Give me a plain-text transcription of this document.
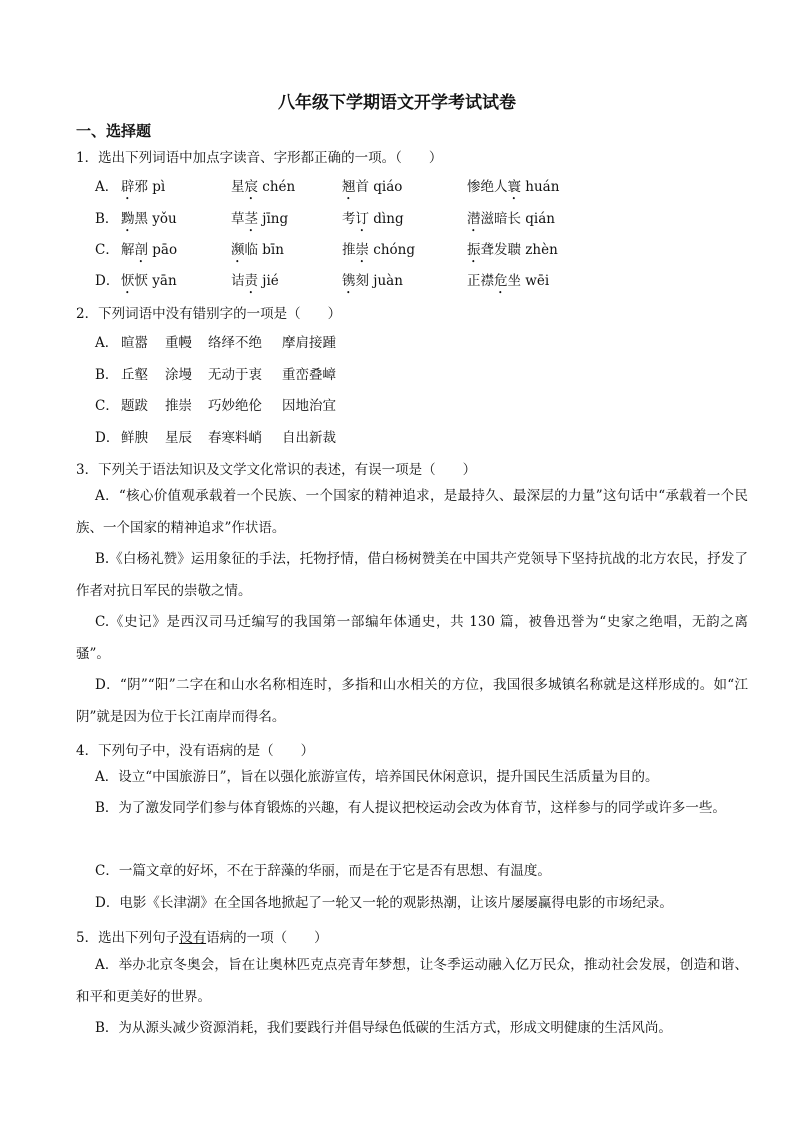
八年级下学期语文开学考试试卷
一、选择题
1．选出下列词语中加点字读音、字形都正确的一项。（　　）
A． 辟邪 pì	星宸 chén	翘首 qiáo	惨绝人寰 huán
B． 黝黑 yǒu	草茎 jīng	考订 dìng	潜滋暗长 qián
C． 解剖 pāo	濒临 bīn	推崇 chóng	振聋发聩 zhèn
D． 恹恹 yān	诘责 jié	镌刻 juàn	正襟危坐 wēi
2．下列词语中没有错别字的一项是（　　）
A． 暄嚣 重幔 络绎不绝 摩肩接踵
B． 丘壑 涂墁 无动于衷 重峦叠嶂
C． 题跋 推崇 巧妙绝伦 因地治宜
D． 鲜腴 星辰 春寒料峭 自出新裁
3．下列关于语法知识及文学文化常识的表述，有误一项是（　　）
A．“核心价值观承载着一个民族、一个国家的精神追求，是最持久、最深层的力量”这句话中“承载着一个民族、一个国家的精神追求”作状语。
B.《白杨礼赞》运用象征的手法，托物抒情，借白杨树赞美在中国共产党领导下坚持抗战的北方农民，抒发了作者对抗日军民的崇敬之情。
C.《史记》是西汉司马迁编写的我国第一部编年体通史，共 130 篇，被鲁迅誉为“史家之绝唱，无韵之离骚”。
D．“阴”“阳”二字在和山水名称相连时，多指和山水相关的方位，我国很多城镇名称就是这样形成的。如“江阴”就是因为位于长江南岸而得名。
4．下列句子中，没有语病的是（　　）
A．设立“中国旅游日”，旨在以强化旅游宣传，培养国民休闲意识，提升国民生活质量为目的。
B．为了激发同学们参与体育锻炼的兴趣，有人提议把校运动会改为体育节，这样参与的同学或许多一些。
C．一篇文章的好坏，不在于辞藻的华丽，而是在于它是否有思想、有温度。
D．电影《长津湖》在全国各地掀起了一轮又一轮的观影热潮，让该片屡屡赢得电影的市场纪录。
5．选出下列句子没有语病的一项（　　）
A．举办北京冬奥会，旨在让奥林匹克点亮青年梦想，让冬季运动融入亿万民众，推动社会发展，创造和谐、和平和更美好的世界。
B．为从源头减少资源消耗，我们要践行并倡导绿色低碳的生活方式，形成文明健康的生活风尚。
